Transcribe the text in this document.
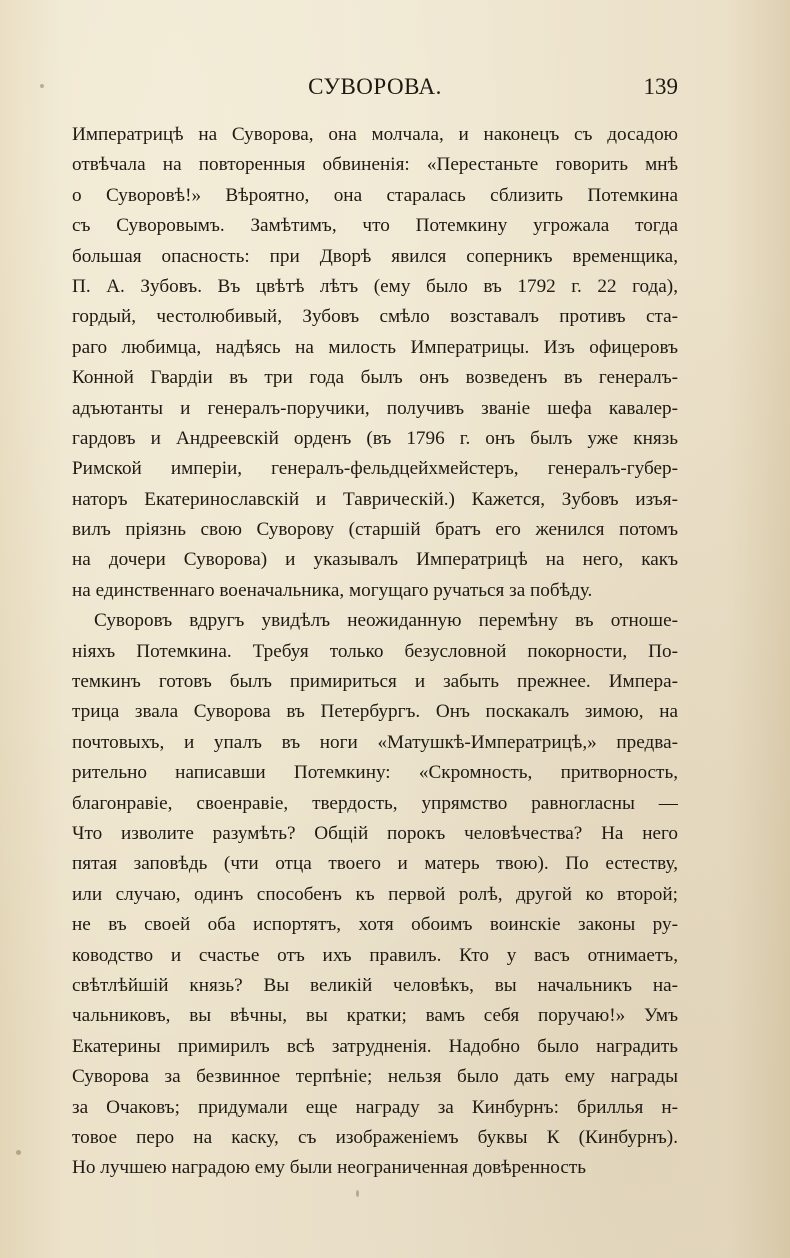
СУВОРОВА.	139
Императрицѣ на Суворова, она молчала, и наконецъ съ досадою
отвѣчала на повторенныя обвиненія: «Перестаньте говорить мнѣ
о Суворовѣ!» Вѣроятно, она старалась сблизить Потемкина
съ Суворовымъ. Замѣтимъ, что Потемкину угрожала тогда
большая опасность: при Дворѣ явился соперникъ временщика,
П. А. Зубовъ. Въ цвѣтѣ лѣтъ (ему было въ 1792 г. 22 года),
гордый, честолюбивый, Зубовъ смѣло возставалъ противъ ста-
раго любимца, надѣясь на милость Императрицы. Изъ офицеровъ
Конной Гвардіи въ три года былъ онъ возведенъ въ генералъ-
адъютанты и генералъ-поручики, получивъ званіе шефа кавалер-
гардовъ и Андреевскій орденъ (въ 1796 г. онъ былъ уже князь
Римской имперіи, генералъ-фельдцейхмейстеръ, генералъ-губер-
наторъ Екатеринославскій и Таврическій.) Кажется, Зубовъ изъя-
вилъ пріязнь свою Суворову (старшій братъ его женился потомъ
на дочери Суворова) и указывалъ Императрицѣ на него, какъ
на единственнаго военачальника, могущаго ручаться за побѣду.
Суворовъ вдругъ увидѣлъ неожиданную перемѣну въ отноше-
ніяхъ Потемкина. Требуя только безусловной покорности, По-
темкинъ готовъ былъ примириться и забыть прежнее. Импера-
трица звала Суворова въ Петербургъ. Онъ поскакалъ зимою, на
почтовыхъ, и упалъ въ ноги «Матушкѣ-Императрицѣ,» предва-
рительно написавши Потемкину: «Скромность, притворность,
благонравіе, своенравіе, твердость, упрямство равногласны —
Что изволите разумѣть? Общій порокъ человѣчества? На него
пятая заповѣдь (чти отца твоего и матерь твою). По естеству,
или случаю, одинъ способенъ къ первой ролѣ, другой ко второй;
не въ своей оба испортятъ, хотя обоимъ воинскіе законы ру-
ководство и счастье отъ ихъ правилъ. Кто у васъ отнимаетъ,
свѣтлѣйшій князь? Вы великій человѣкъ, вы начальникъ на-
чальниковъ, вы вѣчны, вы кратки; вамъ себя поручаю!» Умъ
Екатерины примирилъ всѣ затрудненія. Надобно было наградить
Суворова за безвинное терпѣніе; нельзя было дать ему награды
за Очаковъ; придумали еще награду за Кинбурнъ: бриллья н-
товое перо на каску, съ изображеніемъ буквы К (Кинбурнъ).
Но лучшею наградою ему были неограниченная довѣренность
